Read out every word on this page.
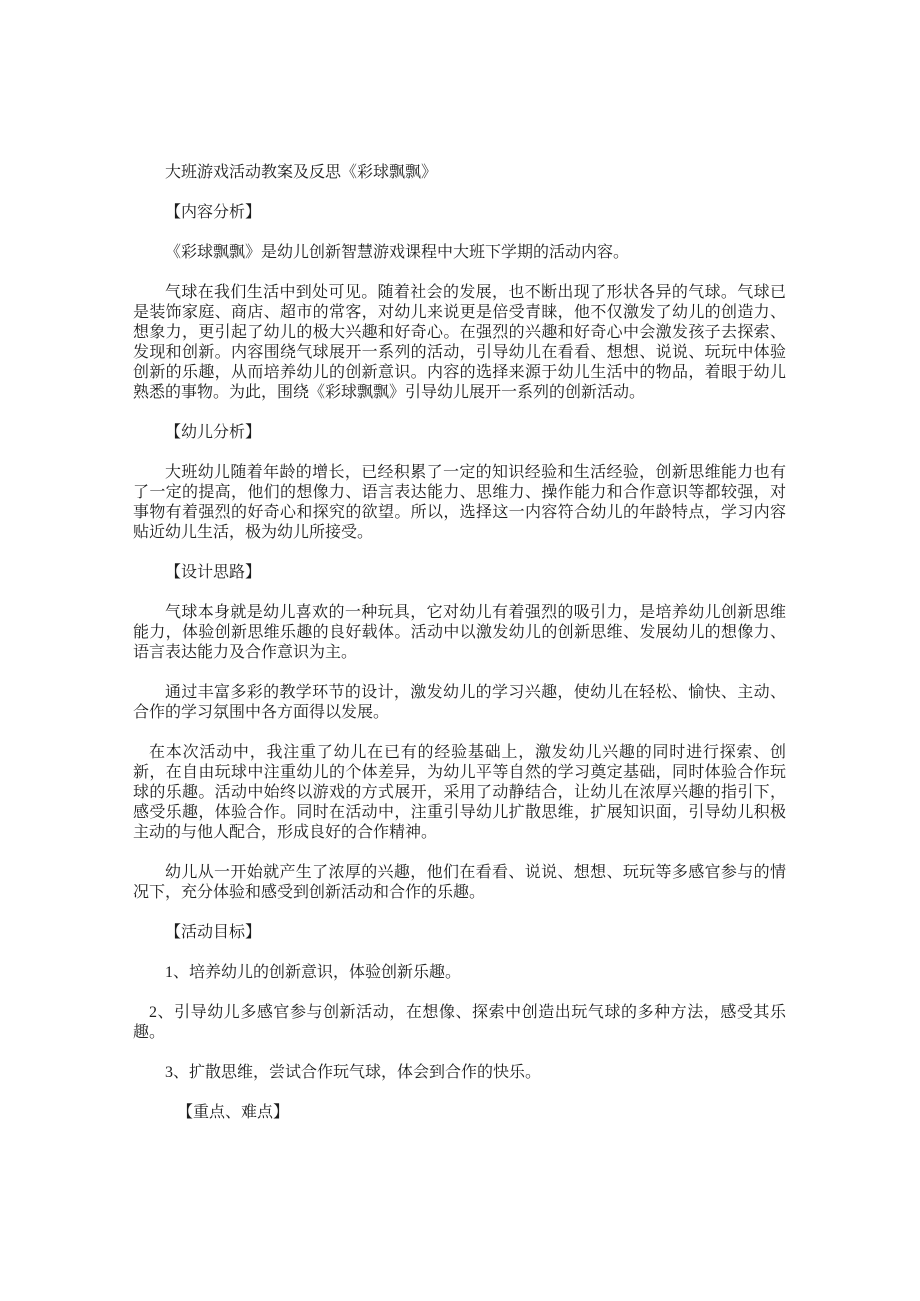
大班游戏活动教案及反思《彩球飘飘》

【内容分析】

《彩球飘飘》是幼儿创新智慧游戏课程中大班下学期的活动内容。

气球在我们生活中到处可见。随着社会的发展，也不断出现了形状各异的气球。气球已是装饰家庭、商店、超市的常客，对幼儿来说更是倍受青睐，他不仅激发了幼儿的创造力、想象力，更引起了幼儿的极大兴趣和好奇心。在强烈的兴趣和好奇心中会激发孩子去探索、发现和创新。内容围绕气球展开一系列的活动，引导幼儿在看看、想想、说说、玩玩中体验创新的乐趣，从而培养幼儿的创新意识。内容的选择来源于幼儿生活中的物品，着眼于幼儿熟悉的事物。为此，围绕《彩球飘飘》引导幼儿展开一系列的创新活动。

【幼儿分析】

大班幼儿随着年龄的增长，已经积累了一定的知识经验和生活经验，创新思维能力也有了一定的提高，他们的想像力、语言表达能力、思维力、操作能力和合作意识等都较强，对事物有着强烈的好奇心和探究的欲望。所以，选择这一内容符合幼儿的年龄特点，学习内容贴近幼儿生活，极为幼儿所接受。

【设计思路】

气球本身就是幼儿喜欢的一种玩具，它对幼儿有着强烈的吸引力，是培养幼儿创新思维能力，体验创新思维乐趣的良好载体。活动中以激发幼儿的创新思维、发展幼儿的想像力、语言表达能力及合作意识为主。

通过丰富多彩的教学环节的设计，激发幼儿的学习兴趣，使幼儿在轻松、愉快、主动、合作的学习氛围中各方面得以发展。

在本次活动中，我注重了幼儿在已有的经验基础上，激发幼儿兴趣的同时进行探索、创新，在自由玩球中注重幼儿的个体差异，为幼儿平等自然的学习奠定基础，同时体验合作玩球的乐趣。活动中始终以游戏的方式展开，采用了动静结合，让幼儿在浓厚兴趣的指引下，感受乐趣，体验合作。同时在活动中，注重引导幼儿扩散思维，扩展知识面，引导幼儿积极主动的与他人配合，形成良好的合作精神。

幼儿从一开始就产生了浓厚的兴趣，他们在看看、说说、想想、玩玩等多感官参与的情况下，充分体验和感受到创新活动和合作的乐趣。

【活动目标】

1、培养幼儿的创新意识，体验创新乐趣。

2、引导幼儿多感官参与创新活动，在想像、探索中创造出玩气球的多种方法，感受其乐趣。

3、扩散思维，尝试合作玩气球，体会到合作的快乐。

【重点、难点】
